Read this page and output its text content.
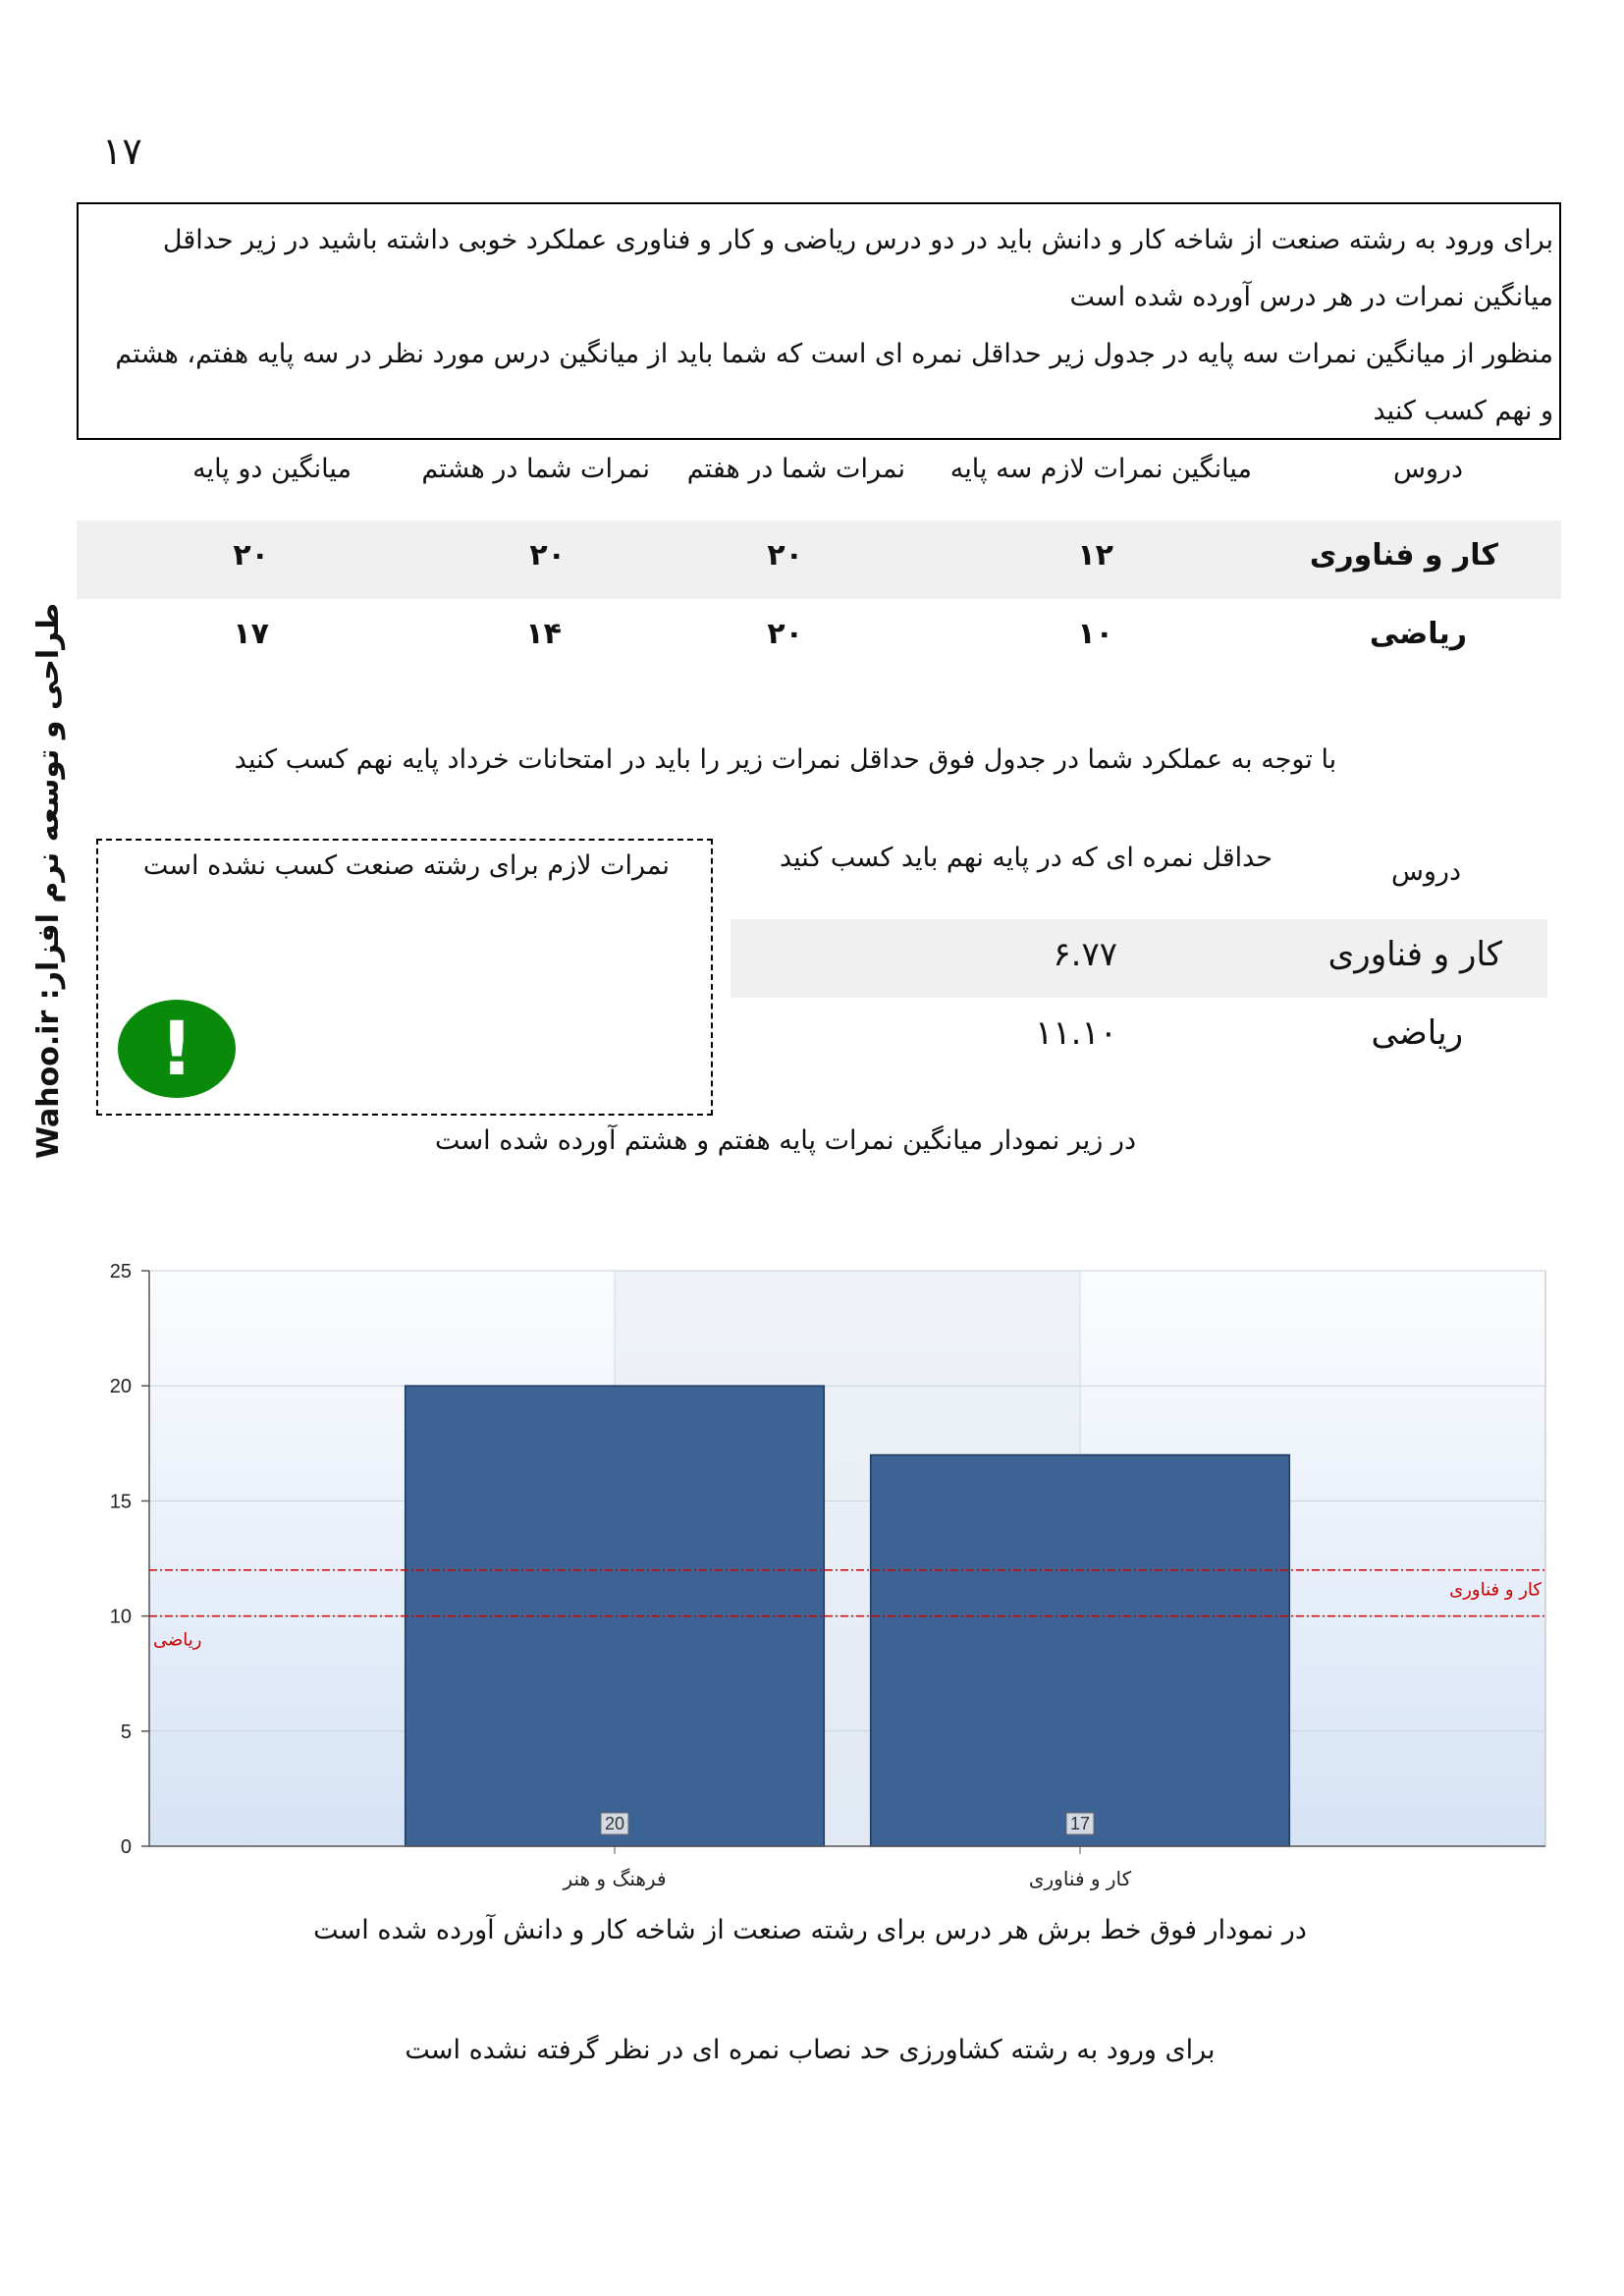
۱۷

برای ورود به رشته صنعت از شاخه کار و دانش باید در دو درس ریاضی و کار و فناوری عملکرد خوبی داشته باشید در زیر حداقل میانگین نمرات در هر درس آورده شده است

منظور از میانگین نمرات سه پایه در جدول زیر حداقل نمره ای است که شما باید از میانگین درس مورد نظر در سه پایه هفتم، هشتم و نهم کسب کنید

دروس
میانگین نمرات لازم سه پایه
نمرات شما در هفتم
نمرات شما در هشتم
میانگین دو پایه
کار و فناوری
۱۲
۲۰
۲۰
۲۰
ریاضی
۱۰
۲۰
۱۴
۱۷
طراحی و توسعه نرم افزار: Wahoo.ir	با توجه به عملکرد شما در جدول فوق حداقل نمرات زیر را باید در امتحانات خرداد پایه نهم کسب کنید
نمرات لازم برای رشته صنعت کسب نشده است
!
دروس
حداقل نمره ای که در پایه نهم باید کسب کنید
کار و فناوری
۶.۷۷
ریاضی
۱۱.۱۰
در زیر نمودار میانگین نمرات پایه هفتم و هشتم آورده شده است
0
5
10
15
20
25
20
فرهنگ و هنر
17
کار و فناوری
کار و فناوری
ریاضی
در نمودار فوق خط برش هر درس برای رشته صنعت از شاخه کار و دانش آورده شده است
برای ورود به رشته کشاورزی حد نصاب نمره ای در نظر گرفته نشده است
